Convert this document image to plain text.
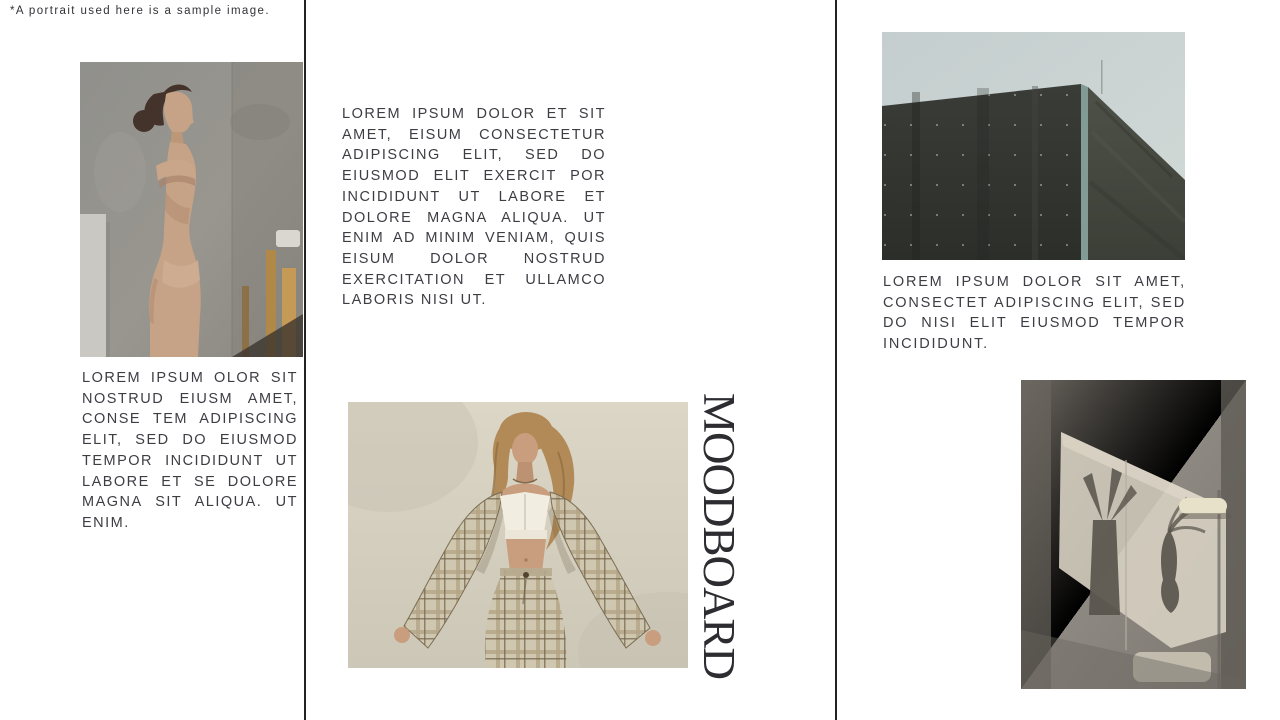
*A portrait used here is a sample image.
LOREM IPSUM OLOR SIT NOSTRUD EIUSM AMET, CONSE TEM ADIPISCING ELIT, SED DO EIUSMOD TEMPOR INCIDIDUNT UT LABORE ET SE DOLORE MAGNA SIT ALIQUA. UT ENIM.
LOREM IPSUM DOLOR ET SIT AMET, EISUM CONSECTETUR ADIPISCING ELIT, SED DO EIUSMOD ELIT EXERCIT POR INCIDIDUNT UT LABORE ET DOLORE MAGNA ALIQUA. UT ENIM AD MINIM VENIAM, QUIS EISUM DOLOR NOSTRUD EXERCITATION ET ULLAMCO LABORIS NISI UT.
MOODBOARD
LOREM IPSUM DOLOR SIT AMET, CONSECTET ADIPISCING ELIT, SED DO NISI ELIT EIUSMOD TEMPOR INCIDIDUNT.
